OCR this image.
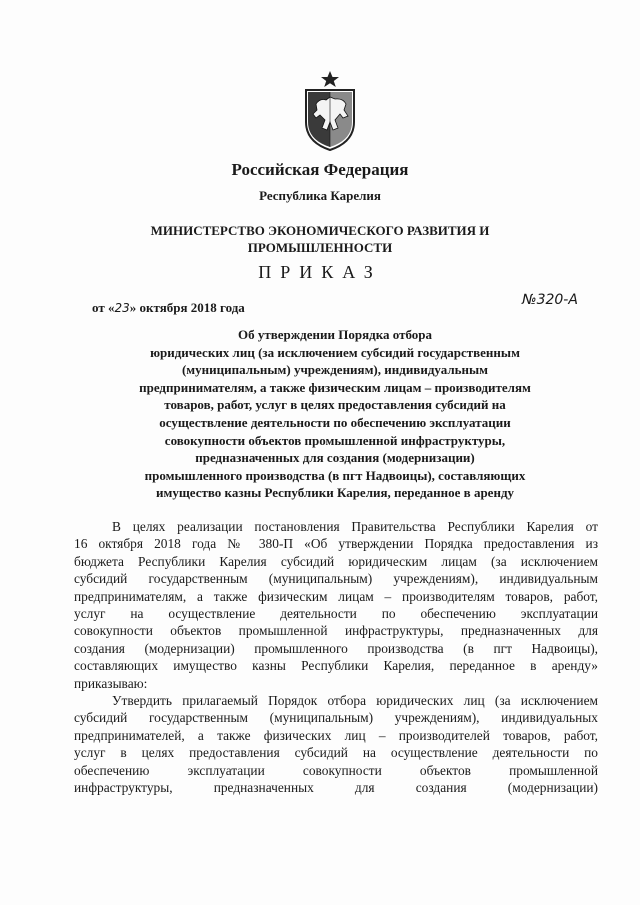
Российская Федерация
Республика Карелия
МИНИСТЕРСТВО ЭКОНОМИЧЕСКОГО РАЗВИТИЯ И
ПРОМЫШЛЕННОСТИ
ПРИКАЗ
от «23» октября 2018 года	№320-А
Об утверждении Порядка отбора
юридических лиц (за исключением субсидий государственным
(муниципальным) учреждениям), индивидуальным
предпринимателям, а также физическим лицам – производителям
товаров, работ, услуг в целях предоставления субсидий на
осуществление деятельности по обеспечению эксплуатации
совокупности объектов промышленной инфраструктуры,
предназначенных для создания (модернизации)
промышленного производства (в пгт Надвоицы), составляющих
имущество казны Республики Карелия, переданное в аренду
В целях реализации постановления Правительства Республики Карелия от
16 октября 2018 года № 380-П «Об утверждении Порядка предоставления из
бюджета Республики Карелия субсидий юридическим лицам (за исключением
субсидий государственным (муниципальным) учреждениям), индивидуальным
предпринимателям, а также физическим лицам – производителям товаров, работ,
услуг на осуществление деятельности по обеспечению эксплуатации
совокупности объектов промышленной инфраструктуры, предназначенных для
создания (модернизации) промышленного производства (в пгт Надвоицы),
составляющих имущество казны Республики Карелия, переданное в аренду»
приказываю:
Утвердить прилагаемый Порядок отбора юридических лиц (за исключением
субсидий государственным (муниципальным) учреждениям), индивидуальных
предпринимателей, а также физических лиц – производителей товаров, работ,
услуг в целях предоставления субсидий на осуществление деятельности по
обеспечению эксплуатации совокупности объектов промышленной
инфраструктуры, предназначенных для создания (модернизации)
